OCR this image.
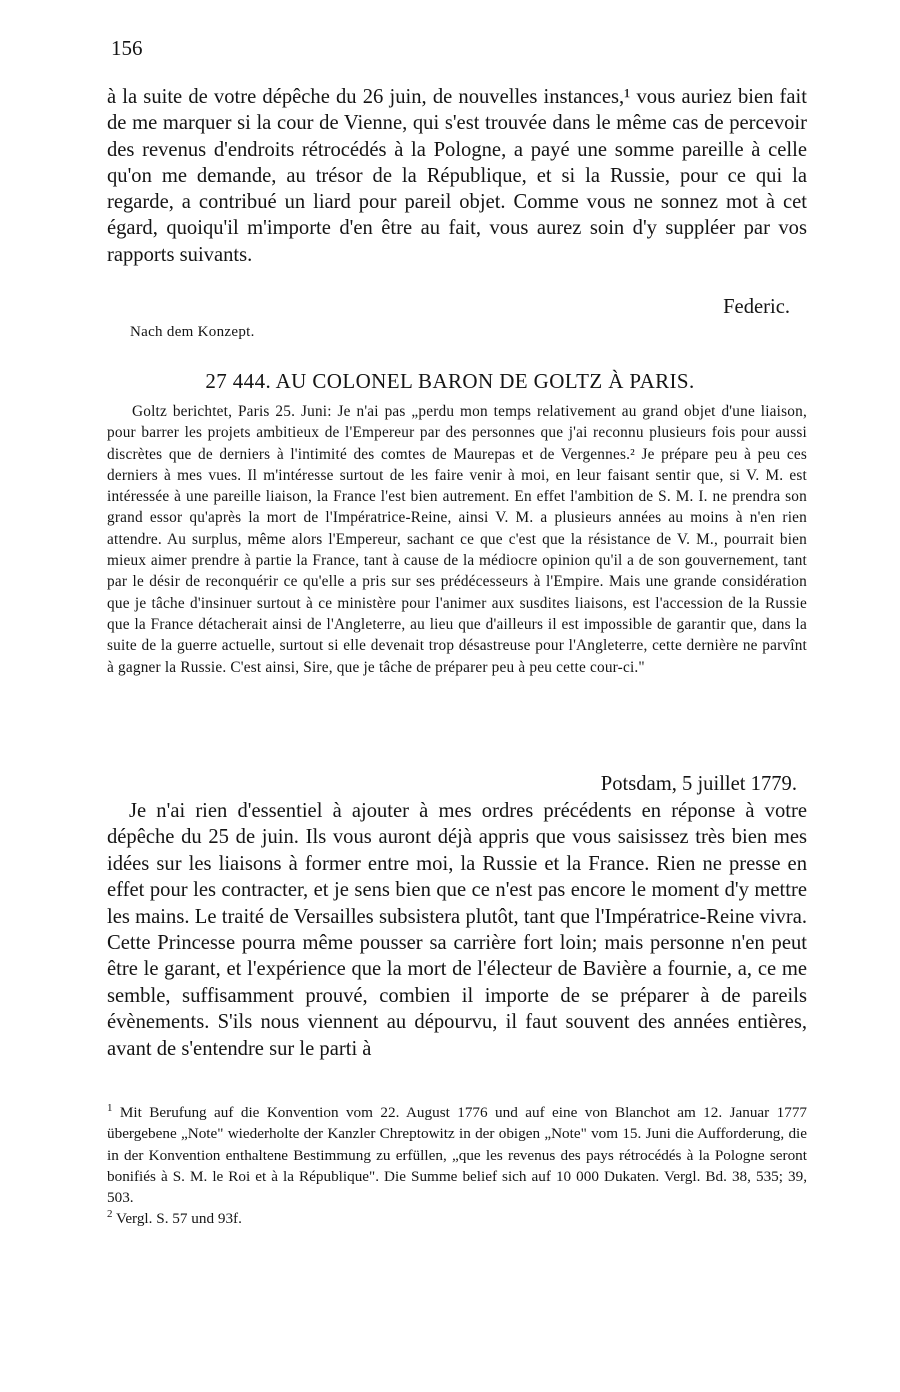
156

à la suite de votre dépêche du 26 juin, de nouvelles instances,¹ vous auriez bien fait de me marquer si la cour de Vienne, qui s'est trouvée dans le même cas de percevoir des revenus d'endroits rétrocédés à la Pologne, a payé une somme pareille à celle qu'on me demande, au trésor de la République, et si la Russie, pour ce qui la regarde, a contribué un liard pour pareil objet. Comme vous ne sonnez mot à cet égard, quoiqu'il m'importe d'en être au fait, vous aurez soin d'y suppléer par vos rapports suivants.

Federic.
Nach dem Konzept.
27 444. AU COLONEL BARON DE GOLTZ À PARIS.

Goltz berichtet, Paris 25. Juni: Je n'ai pas „perdu mon temps relativement au grand objet d'une liaison, pour barrer les projets ambitieux de l'Empereur par des personnes que j'ai reconnu plusieurs fois pour aussi discrètes que de derniers à l'intimité des comtes de Maurepas et de Vergennes.² Je prépare peu à peu ces derniers à mes vues. Il m'intéresse surtout de les faire venir à moi, en leur faisant sentir que, si V. M. est intéressée à une pareille liaison, la France l'est bien autrement. En effet l'ambition de S. M. I. ne prendra son grand essor qu'après la mort de l'Impératrice-Reine, ainsi V. M. a plusieurs années au moins à n'en rien attendre. Au surplus, même alors l'Empereur, sachant ce que c'est que la résistance de V. M., pourrait bien mieux aimer prendre à partie la France, tant à cause de la médiocre opinion qu'il a de son gouvernement, tant par le désir de reconquérir ce qu'elle a pris sur ses prédécesseurs à l'Empire. Mais une grande considération que je tâche d'insinuer surtout à ce ministère pour l'animer aux susdites liaisons, est l'accession de la Russie que la France détacherait ainsi de l'Angleterre, au lieu que d'ailleurs il est impossible de garantir que, dans la suite de la guerre actuelle, surtout si elle devenait trop désastreuse pour l'Angleterre, cette dernière ne parvînt à gagner la Russie. C'est ainsi, Sire, que je tâche de préparer peu à peu cette cour-ci."

Potsdam, 5 juillet 1779.

Je n'ai rien d'essentiel à ajouter à mes ordres précédents en réponse à votre dépêche du 25 de juin. Ils vous auront déjà appris que vous saisissez très bien mes idées sur les liaisons à former entre moi, la Russie et la France. Rien ne presse en effet pour les contracter, et je sens bien que ce n'est pas encore le moment d'y mettre les mains. Le traité de Versailles subsistera plutôt, tant que l'Impératrice-Reine vivra. Cette Princesse pourra même pousser sa carrière fort loin; mais personne n'en peut être le garant, et l'expérience que la mort de l'électeur de Bavière a fournie, a, ce me semble, suffisamment prouvé, combien il importe de se préparer à de pareils évènements. S'ils nous viennent au dépourvu, il faut souvent des années entières, avant de s'entendre sur le parti à

$^1$ Mit Berufung auf die Konvention vom 22. August 1776 und auf eine von Blanchot am 12. Januar 1777 übergebene „Note" wiederholte der Kanzler Chreptowitz in der obigen „Note" vom 15. Juni die Aufforderung, die in der Konvention enthaltene Bestimmung zu erfüllen, „que les revenus des pays rétrocédés à la Pologne seront bonifiés à S. M. le Roi et à la République". Die Summe belief sich auf 10 000 Dukaten. Vergl. Bd. 38, 535; 39, 503.

$^2$ Vergl. S. 57 und 93f.
